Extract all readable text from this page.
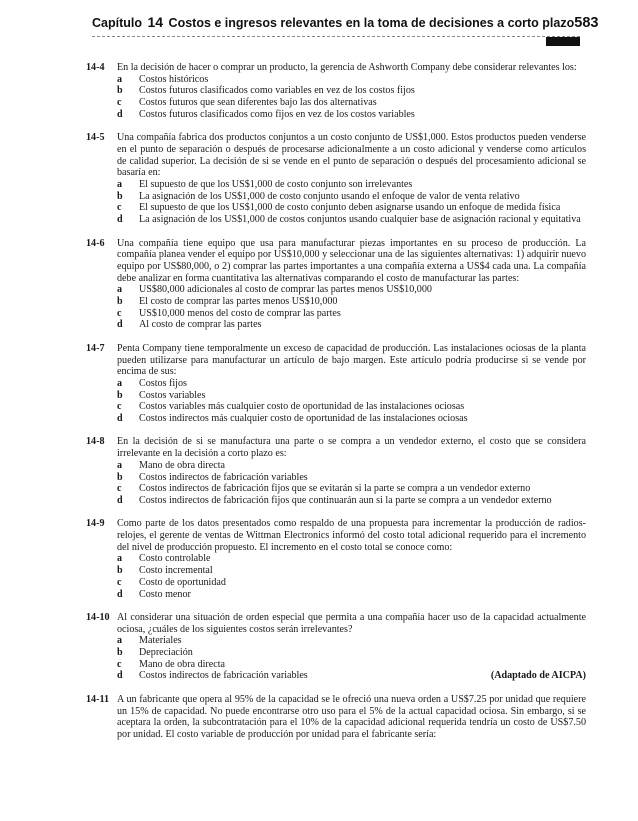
Capítulo 14 Costos e ingresos relevantes en la toma de decisiones a corto plazo 583
14-4	En la decisión de hacer o comprar un producto, la gerencia de Ashworth Company debe considerar relevantes los:
a	Costos históricos
b	Costos futuros clasificados como variables en vez de los costos fijos
c	Costos futuros que sean diferentes bajo las dos alternativas
d	Costos futuros clasificados como fijos en vez de los costos variables
14-5	Una compañía fabrica dos productos conjuntos a un costo conjunto de US$1,000. Estos productos pueden venderse en el punto de separación o después de procesarse adicionalmente a un costo adicional y venderse como artículos de calidad superior. La decisión de si se vende en el punto de separación o después del procesamiento adicional se basaría en:
a	El supuesto de que los US$1,000 de costo conjunto son irrelevantes
b	La asignación de los US$1,000 de costo conjunto usando el enfoque de valor de venta relativo
c	El supuesto de que los US$1,000 de costo conjunto deben asignarse usando un enfoque de medida física
d	La asignación de los US$1,000 de costos conjuntos usando cualquier base de asignación racional y equitativa
14-6	Una compañía tiene equipo que usa para manufacturar piezas importantes en su proceso de producción. La compañía planea vender el equipo por US$10,000 y seleccionar una de las siguientes alternativas: 1) adquirir nuevo equipo por US$80,000, o 2) comprar las partes importantes a una compañía externa a US$4 cada una. La compañía debe analizar en forma cuantitativa las alternativas comparando el costo de manufacturar las partes:
a	US$80,000 adicionales al costo de comprar las partes menos US$10,000
b	El costo de comprar las partes menos US$10,000
c	US$10,000 menos del costo de comprar las partes
d	Al costo de comprar las partes
14-7	Penta Company tiene temporalmente un exceso de capacidad de producción. Las instalaciones ociosas de la planta pueden utilizarse para manufacturar un artículo de bajo margen. Este artículo podría producirse si se vende por encima de sus:
a	Costos fijos
b	Costos variables
c	Costos variables más cualquier costo de oportunidad de las instalaciones ociosas
d	Costos indirectos más cualquier costo de oportunidad de las instalaciones ociosas
14-8	En la decisión de si se manufactura una parte o se compra a un vendedor externo, el costo que se considera irrelevante en la decisión a corto plazo es:
a	Mano de obra directa
b	Costos indirectos de fabricación variables
c	Costos indirectos de fabricación fijos que se evitarán si la parte se compra a un vendedor externo
d	Costos indirectos de fabricación fijos que continuarán aun si la parte se compra a un vendedor externo
14-9	Como parte de los datos presentados como respaldo de una propuesta para incrementar la producción de radios-relojes, el gerente de ventas de Wittman Electronics informó del costo total adicional requerido para el incremento del nivel de producción propuesto. El incremento en el costo total se conoce como:
a	Costo controlable
b	Costo incremental
c	Costo de oportunidad
d	Costo menor
14-10 Al considerar una situación de orden especial que permita a una compañía hacer uso de la capacidad actualmente ociosa, ¿cuáles de los siguientes costos serán irrelevantes?
a	Materiales
b	Depreciación
c	Mano de obra directa
d	Costos indirectos de fabricación variables	(Adaptado de AICPA)
14-11 A un fabricante que opera al 95% de la capacidad se le ofreció una nueva orden a US$7.25 por unidad que requiere un 15% de capacidad. No puede encontrarse otro uso para el 5% de la actual capacidad ociosa. Sin embargo, si se aceptara la orden, la subcontratación para el 10% de la capacidad adicional requerida tendría un costo de US$7.50 por unidad. El costo variable de producción por unidad para el fabricante sería:
